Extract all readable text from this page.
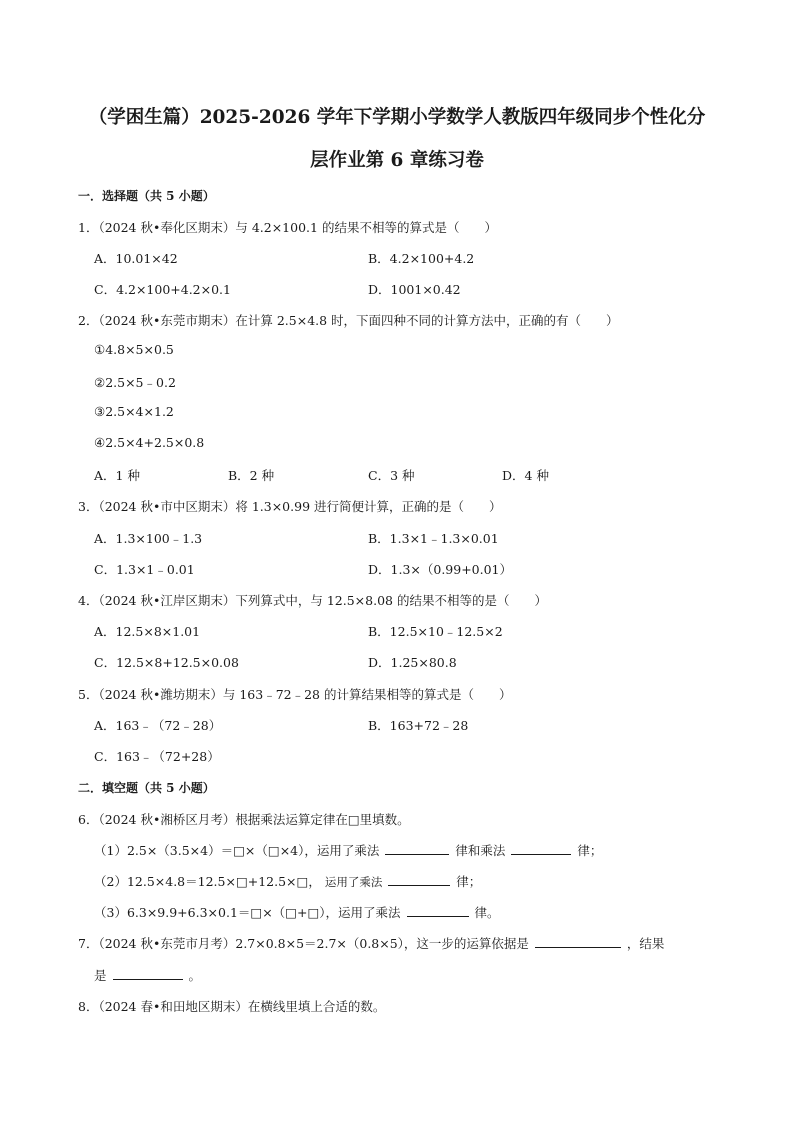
（学困生篇）2025-2026 学年下学期小学数学人教版四年级同步个性化分
层作业第 6 章练习卷
一．选择题（共 5 小题）
1．（2024 秋•奉化区期末）与 4.2×100.1 的结果不相等的算式是（　　）
A．10.01×42	B．4.2×100+4.2
C．4.2×100+4.2×0.1	D．1001×0.42
2．（2024 秋•东莞市期末）在计算 2.5×4.8 时，下面四种不同的计算方法中，正确的有（　　）
①4.8×5×0.5
②2.5×5﹣0.2
③2.5×4×1.2
④2.5×4+2.5×0.8
A．1 种	B．2 种	C．3 种	D．4 种
3．（2024 秋•市中区期末）将 1.3×0.99 进行简便计算，正确的是（　　）
A．1.3×100﹣1.3	B．1.3×1﹣1.3×0.01
C．1.3×1﹣0.01	D．1.3×（0.99+0.01）
4．（2024 秋•江岸区期末）下列算式中，与 12.5×8.08 的结果不相等的是（　　）
A．12.5×8×1.01	B．12.5×10﹣12.5×2
C．12.5×8+12.5×0.08	D．1.25×80.8
5．（2024 秋•潍坊期末）与 163﹣72﹣28 的计算结果相等的算式是（　　）
A．163﹣（72﹣28）	B．163+72﹣28
C．163﹣（72+28）
二．填空题（共 5 小题）
6．（2024 秋•湘桥区月考）根据乘法运算定律在□里填数。
（1）2.5×（3.5×4）＝□×（□×4），运用了乘法	律和乘法	律；
（2）12.5×4.8＝12.5×□+12.5×□， 运用了乘法	律；
（3）6.3×9.9+6.3×0.1＝□×（□+□），运用了乘法	律。
7．（2024 秋•东莞市月考）2.7×0.8×5＝2.7×（0.8×5），这一步的运算依据是	，结果
是	。
8．（2024 春•和田地区期末）在横线里填上合适的数。
